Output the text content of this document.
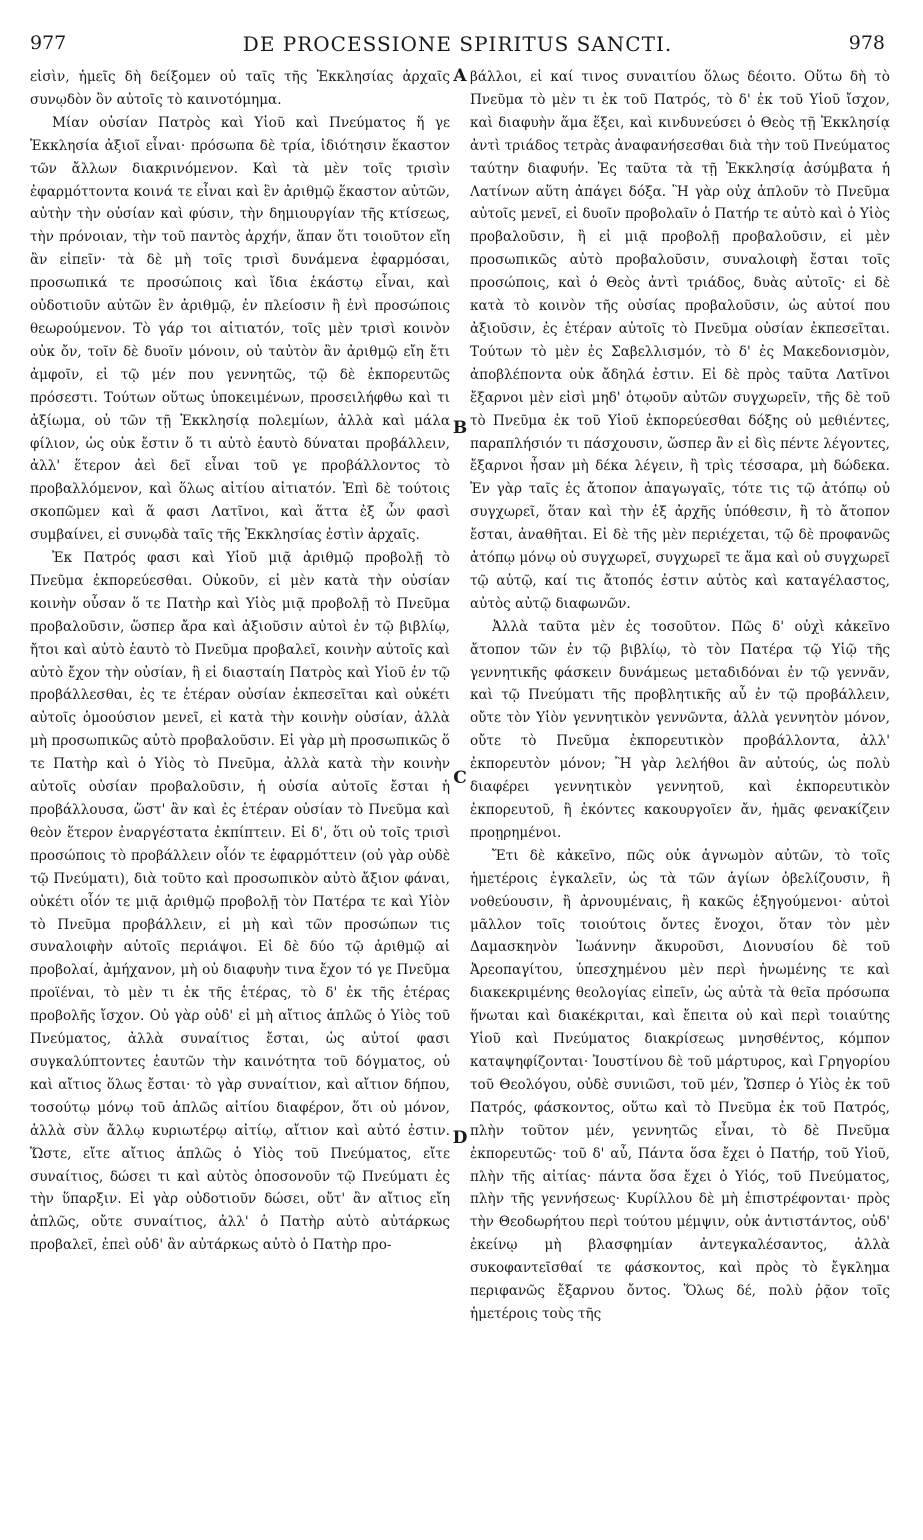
977	DE PROCESSIONE SPIRITUS SANCTI.	978

εἰσὶν, ἡμεῖς δὴ δείξομεν οὐ ταῖς τῆς Ἐκκλησίας ἀρχαῖς συνῳδὸν ὂν αὐτοῖς τὸ καινοτόμημα.

Μίαν οὐσίαν Πατρὸς καὶ Υἱοῦ καὶ Πνεύματος ἥ γε Ἐκκλησία ἀξιοῖ εἶναι· πρόσωπα δὲ τρία, ἰδιότησιν ἕκαστον τῶν ἄλλων διακρινόμενον. Καὶ τὰ μὲν τοῖς τρισὶν ἐφαρμόττοντα κοινά τε εἶναι καὶ ἓν ἀριθμῷ ἕκαστον αὐτῶν, αὐτὴν τὴν οὐσίαν καὶ φύσιν, τὴν δημιουργίαν τῆς κτίσεως, τὴν πρόνοιαν, τὴν τοῦ παντὸς ἀρχήν, ἅπαν ὅτι τοιοῦτον εἴη ἂν εἰπεῖν· τὰ δὲ μὴ τοῖς τρισὶ δυνάμενα ἐφαρμόσαι, προσωπικά τε προσώποις καὶ ἴδια ἑκάστῳ εἶναι, καὶ οὐδοτιοῦν αὐτῶν ἓν ἀριθμῷ, ἐν πλείοσιν ἢ ἑνὶ προσώποις θεωρούμενον. Τὸ γάρ τοι αἰτιατόν, τοῖς μὲν τρισὶ κοινὸν οὐκ ὄν, τοῖν δὲ δυοῖν μόνοιν, οὐ ταὐτὸν ἂν ἀριθμῷ εἴη ἔτι ἀμφοῖν, εἰ τῷ μέν που γεννητῶς, τῷ δὲ ἐκπορευτῶς πρόσεστι. Τούτων οὕτως ὑποκειμένων, προσειλήφθω καὶ τι ἀξίωμα, οὐ τῶν τῇ Ἐκκλησίᾳ πολεμίων, ἀλλὰ καὶ μάλα φίλιον, ὡς οὐκ ἔστιν ὅ τι αὐτὸ ἑαυτὸ δύναται προβάλλειν, ἀλλ' ἕτερον ἀεὶ δεῖ εἶναι τοῦ γε προβάλλοντος τὸ προβαλλόμενον, καὶ ὅλως αἰτίου αἰτιατόν. Ἐπὶ δὲ τούτοις σκοπῶμεν καὶ ἅ φασι Λατῖνοι, καὶ ἅττα ἐξ ὧν φασὶ συμβαίνει, εἰ συνῳδὰ ταῖς τῆς Ἐκκλησίας ἐστὶν ἀρχαῖς.

Ἐκ Πατρός φασι καὶ Υἱοῦ μιᾷ ἀριθμῷ προβολῇ τὸ Πνεῦμα ἐκπορεύεσθαι. Οὐκοῦν, εἰ μὲν κατὰ τὴν οὐσίαν κοινὴν οὖσαν ὅ τε Πατὴρ καὶ Υἱὸς μιᾷ προβολῇ τὸ Πνεῦμα προβαλοῦσιν, ὥσπερ ἄρα καὶ ἀξιοῦσιν αὐτοὶ ἐν τῷ βιβλίῳ, ἤτοι καὶ αὐτὸ ἑαυτὸ τὸ Πνεῦμα προβαλεῖ, κοινὴν αὐτοῖς καὶ αὐτὸ ἔχον τὴν οὐσίαν, ἢ εἰ διασταίη Πατρὸς καὶ Υἱοῦ ἐν τῷ προβάλλεσθαι, ἐς τε ἑτέραν οὐσίαν ἐκπεσεῖται καὶ οὐκέτι αὐτοῖς ὁμοούσιον μενεῖ, εἰ κατὰ τὴν κοινὴν οὐσίαν, ἀλλὰ μὴ προσωπικῶς αὐτὸ προβαλοῦσιν. Εἰ γὰρ μὴ προσωπικῶς ὅ τε Πατὴρ καὶ ὁ Υἱὸς τὸ Πνεῦμα, ἀλλὰ κατὰ τὴν κοινὴν αὐτοῖς οὐσίαν προβαλοῦσιν, ἡ οὐσία αὐτοῖς ἔσται ἡ προβάλλουσα, ὥστ' ἂν καὶ ἐς ἑτέραν οὐσίαν τὸ Πνεῦμα καὶ θεὸν ἕτερον ἐναργέστατα ἐκπίπτειν. Εἰ δ', ὅτι οὐ τοῖς τρισὶ προσώποις τὸ προβάλλειν οἷόν τε ἐφαρμόττειν (οὐ γὰρ οὐδὲ τῷ Πνεύματι), διὰ τοῦτο καὶ προσωπικὸν αὐτὸ ἄξιον φάναι, οὐκέτι οἷόν τε μιᾷ ἀριθμῷ προβολῇ τὸν Πατέρα τε καὶ Υἱὸν τὸ Πνεῦμα προβάλλειν, εἰ μὴ καὶ τῶν προσώπων τις συναλοιφὴν αὐτοῖς περιάψοι. Εἰ δὲ δύο τῷ ἀριθμῷ αἱ προβολαί, ἀμήχανον, μὴ οὐ διαφυὴν τινα ἔχον τό γε Πνεῦμα προϊέναι, τὸ μὲν τι ἐκ τῆς ἑτέρας, τὸ δ' ἐκ τῆς ἑτέρας προβολῆς ἴσχον. Οὐ γὰρ οὐδ' εἰ μὴ αἴτιος ἁπλῶς ὁ Υἱὸς τοῦ Πνεύματος, ἀλλὰ συναίτιος ἔσται, ὡς αὐτοί φασι συγκαλύπτοντες ἑαυτῶν τὴν καινότητα τοῦ δόγματος, οὐ καὶ αἴτιος ὅλως ἔσται· τὸ γὰρ συναίτιον, καὶ αἴτιον δήπου, τοσούτῳ μόνῳ τοῦ ἁπλῶς αἰτίου διαφέρον, ὅτι οὐ μόνον, ἀλλὰ σὺν ἄλλῳ κυριωτέρῳ αἰτίῳ, αἴτιον καὶ αὐτό ἐστιν. Ὥστε, εἴτε αἴτιος ἁπλῶς ὁ Υἱὸς τοῦ Πνεύματος, εἴτε συναίτιος, δώσει τι καὶ αὐτὸς ὁποσονοῦν τῷ Πνεύματι ἐς τὴν ὕπαρξιν. Εἰ γὰρ οὐδοτιοῦν δώσει, οὔτ' ἂν αἴτιος εἴη ἁπλῶς, οὔτε συναίτιος, ἀλλ' ὁ Πατὴρ αὐτὸ αὐτάρκως προβαλεῖ, ἐπεὶ οὐδ' ἂν αὐτάρκως αὐτὸ ὁ Πατὴρ προ-

A
B
C
D

βάλλοι, εἰ καί τινος συναιτίου ὅλως δέοιτο. Οὕτω δὴ τὸ Πνεῦμα τὸ μὲν τι ἐκ τοῦ Πατρός, τὸ δ' ἐκ τοῦ Υἱοῦ ἴσχον, καὶ διαφυὴν ἅμα ἕξει, καὶ κινδυνεύσει ὁ Θεὸς τῇ Ἐκκλησίᾳ ἀντὶ τριάδος τετρὰς ἀναφανήσεσθαι διὰ τὴν τοῦ Πνεύματος ταύτην διαφυήν. Ἐς ταῦτα τὰ τῇ Ἐκκλησίᾳ ἀσύμβατα ἡ Λατίνων αὕτη ἀπάγει δόξα. Ἢ γὰρ οὐχ ἁπλοῦν τὸ Πνεῦμα αὐτοῖς μενεῖ, εἰ δυοῖν προβολαῖν ὁ Πατήρ τε αὐτὸ καὶ ὁ Υἱὸς προβαλοῦσιν, ἢ εἰ μιᾷ προβολῇ προβαλοῦσιν, εἰ μὲν προσωπικῶς αὐτὸ προβαλοῦσιν, συναλοιφὴ ἔσται τοῖς προσώποις, καὶ ὁ Θεὸς ἀντὶ τριάδος, δυὰς αὐτοῖς· εἰ δὲ κατὰ τὸ κοινὸν τῆς οὐσίας προβαλοῦσιν, ὡς αὐτοί που ἀξιοῦσιν, ἐς ἑτέραν αὐτοῖς τὸ Πνεῦμα οὐσίαν ἐκπεσεῖται. Τούτων τὸ μὲν ἐς Σαβελλισμόν, τὸ δ' ἐς Μακεδονισμὸν, ἀποβλέποντα οὐκ ἄδηλά ἐστιν. Εἰ δὲ πρὸς ταῦτα Λατῖνοι ἔξαρνοι μὲν εἰσὶ μηδ' ὁτῳοῦν αὐτῶν συγχωρεῖν, τῆς δὲ τοῦ τὸ Πνεῦμα ἐκ τοῦ Υἱοῦ ἐκπορεύεσθαι δόξης οὐ μεθιέντες, παραπλήσιόν τι πάσχουσιν, ὥσπερ ἂν εἰ δὶς πέντε λέγοντες, ἔξαρνοι ἦσαν μὴ δέκα λέγειν, ἢ τρὶς τέσσαρα, μὴ δώδεκα. Ἐν γὰρ ταῖς ἐς ἄτοπον ἀπαγωγαῖς, τότε τις τῷ ἀτόπῳ οὐ συγχωρεῖ, ὅταν καὶ τὴν ἐξ ἀρχῆς ὑπόθεσιν, ἢ τὸ ἄτοπον ἔσται, ἀναθῆται. Εἰ δὲ τῆς μὲν περιέχεται, τῷ δὲ προφανῶς ἀτόπῳ μόνῳ οὐ συγχωρεῖ, συγχωρεῖ τε ἅμα καὶ οὐ συγχωρεῖ τῷ αὐτῷ, καί τις ἄτοπός ἐστιν αὐτὸς καὶ καταγέλαστος, αὐτὸς αὐτῷ διαφωνῶν.

Ἀλλὰ ταῦτα μὲν ἐς τοσοῦτον. Πῶς δ' οὐχὶ κἀκεῖνο ἄτοπον τῶν ἐν τῷ βιβλίῳ, τὸ τὸν Πατέρα τῷ Υἱῷ τῆς γεννητικῆς φάσκειν δυνάμεως μεταδιδόναι ἐν τῷ γεννᾶν, καὶ τῷ Πνεύματι τῆς προβλητικῆς αὖ ἐν τῷ προβάλλειν, οὔτε τὸν Υἱὸν γεννητικὸν γεννῶντα, ἀλλὰ γεννητὸν μόνον, οὔτε τὸ Πνεῦμα ἐκπορευτικὸν προβάλλοντα, ἀλλ' ἐκπορευτὸν μόνον; Ἢ γὰρ λελήθοι ἂν αὐτούς, ὡς πολὺ διαφέρει γεννητικὸν γεννητοῦ, καὶ ἐκπορευτικὸν ἐκπορευτοῦ, ἢ ἑκόντες κακουργοῖεν ἄν, ἡμᾶς φενακίζειν προῃρημένοι.

Ἔτι δὲ κἀκεῖνο, πῶς οὐκ ἀγνωμὸν αὐτῶν, τὸ τοῖς ἡμετέροις ἐγκαλεῖν, ὡς τὰ τῶν ἁγίων ὀβελίζουσιν, ἢ νοθεύουσιν, ἢ ἀρνουμέναις, ἢ κακῶς ἐξηγούμενοι· αὐτοὶ μᾶλλον τοῖς τοιούτοις ὄντες ἔνοχοι, ὅταν τὸν μὲν Δαμασκηνὸν Ἰωάννην ἄκυροῦσι, Διονυσίου δὲ τοῦ Ἀρεοπαγίτου, ὑπεσχημένου μὲν περὶ ἡνωμένης τε καὶ διακεκριμένης θεολογίας εἰπεῖν, ὡς αὐτὰ τὰ θεῖα πρόσωπα ἥνωται καὶ διακέκριται, καὶ ἔπειτα οὐ καὶ περὶ τοιαύτης Υἱοῦ καὶ Πνεύματος διακρίσεως μνησθέντος, κόμπον καταψηφίζονται· Ἰουστίνου δὲ τοῦ μάρτυρος, καὶ Γρηγορίου τοῦ Θεολόγου, οὐδὲ συνιῶσι, τοῦ μέν, Ὥσπερ ὁ Υἱὸς ἐκ τοῦ Πατρός, φάσκοντος, οὕτω καὶ τὸ Πνεῦμα ἐκ τοῦ Πατρός, πλὴν τοῦτον μέν, γεννητῶς εἶναι, τὸ δὲ Πνεῦμα ἐκπορευτῶς· τοῦ δ' αὖ, Πάντα ὅσα ἔχει ὁ Πατήρ, τοῦ Υἱοῦ, πλὴν τῆς αἰτίας· πάντα ὅσα ἔχει ὁ Υἱός, τοῦ Πνεύματος, πλὴν τῆς γεννήσεως· Κυρίλλου δὲ μὴ ἐπιστρέφονται· πρὸς τὴν Θεοδωρήτου περὶ τούτου μέμψιν, οὐκ ἀντιστάντος, οὐδ' ἐκείνῳ μὴ βλασφημίαν ἀντεγκαλέσαντος, ἀλλὰ συκοφαντεῖσθαί τε φάσκοντος, καὶ πρὸς τὸ ἔγκλημα περιφανῶς ἔξαρνου ὄντος. Ὅλως δέ, πολὺ ῥᾷον τοῖς ἡμετέροις τοὺς τῆς
